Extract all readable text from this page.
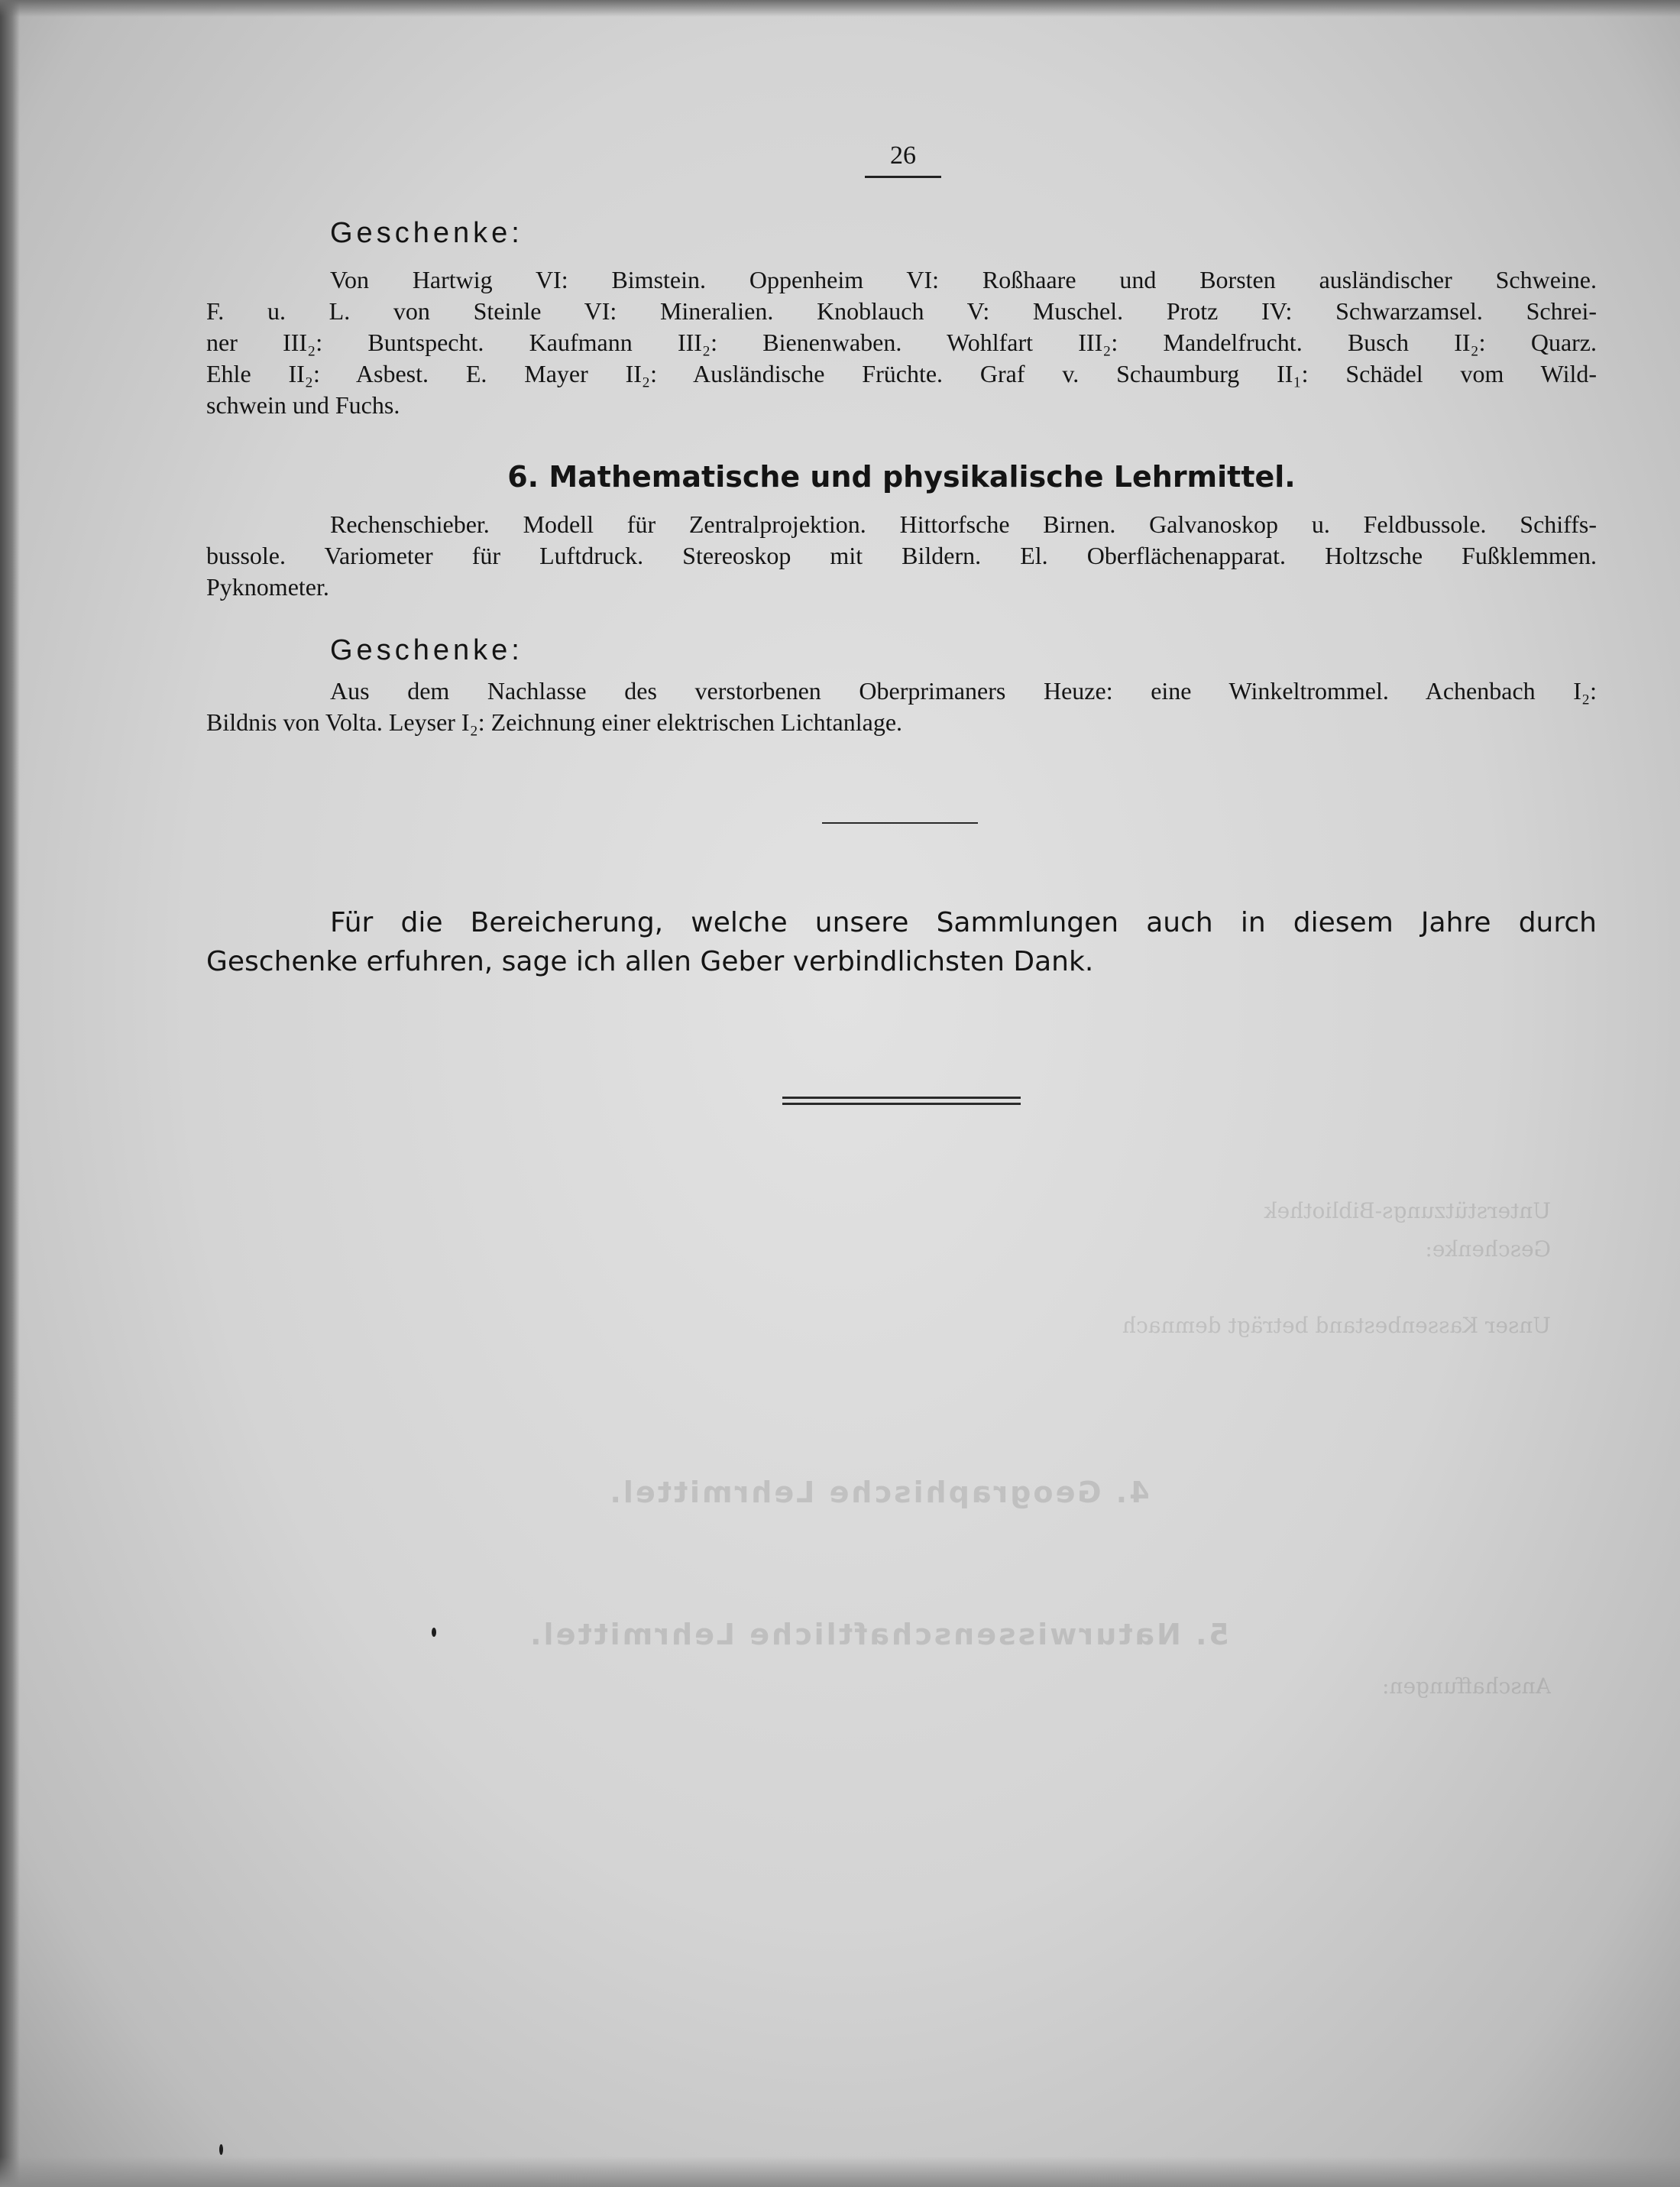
Unterstützungs-Bibliothek
Geschenke:
Unser Kassenbestand beträgt demnach
4. Geographische Lehrmittel.
5. Naturwissenschaftliche Lehrmittel.
Anschaffungen:
26
Geschenke:
Von Hartwig VI: Bimstein. Oppenheim VI: Roßhaare und Borsten ausländischer Schweine.
F. u. L. von Steinle VI: Mineralien. Knoblauch V: Muschel. Protz IV: Schwarzamsel. Schrei-
ner III₂: Buntspecht. Kaufmann III₂: Bienenwaben. Wohlfart III₂: Mandelfrucht. Busch II₂: Quarz.
Ehle II₂: Asbest. E. Mayer II₂: Ausländische Früchte. Graf v. Schaumburg II₁: Schädel vom Wild-
schwein und Fuchs.
6. Mathematische und physikalische Lehrmittel.
Rechenschieber. Modell für Zentralprojektion. Hittorfsche Birnen. Galvanoskop u. Feldbussole. Schiffs-
bussole. Variometer für Luftdruck. Stereoskop mit Bildern. El. Oberflächenapparat. Holtzsche Fußklemmen.
Pyknometer.
Geschenke:
Aus dem Nachlasse des verstorbenen Oberprimaners Heuze: eine Winkeltrommel. Achenbach I₂:
Bildnis von Volta. Leyser I₂: Zeichnung einer elektrischen Lichtanlage.
Für die Bereicherung, welche unsere Sammlungen auch in diesem Jahre durch
Geschenke erfuhren, sage ich allen Geber verbindlichsten Dank.
